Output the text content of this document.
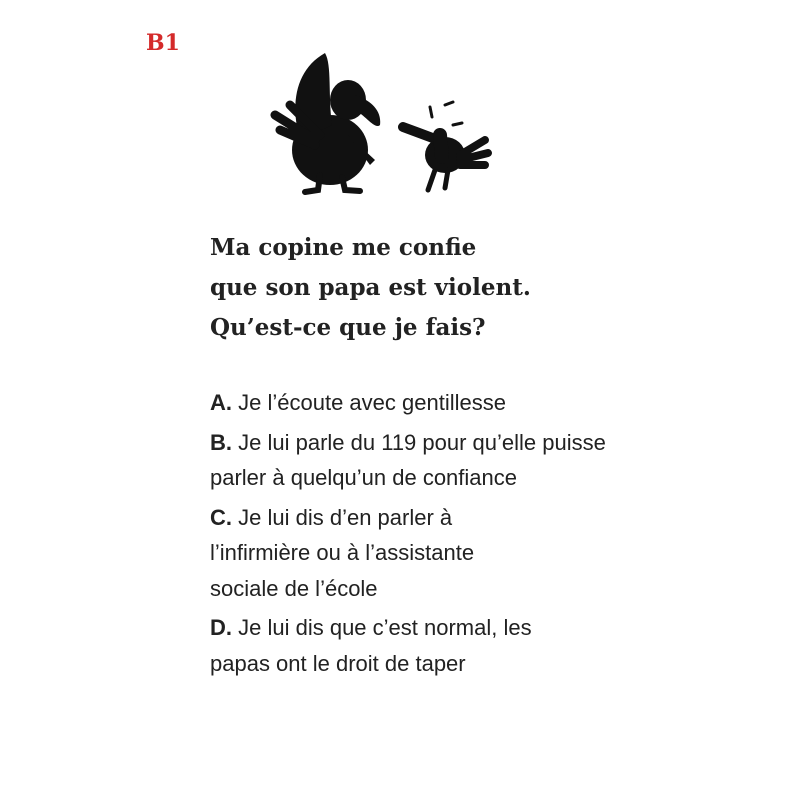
B1
Ma copine me confie
que son papa est violent.
Qu’est-ce que je fais?
A. Je l’écoute avec gentillesse
B. Je lui parle du 119 pour qu’elle puisse parler à quelqu’un de confiance
C. Je lui dis d’en parler à l’infirmière ou à l’assistante sociale de l’école
D. Je lui dis que c’est normal, les papas ont le droit de taper
